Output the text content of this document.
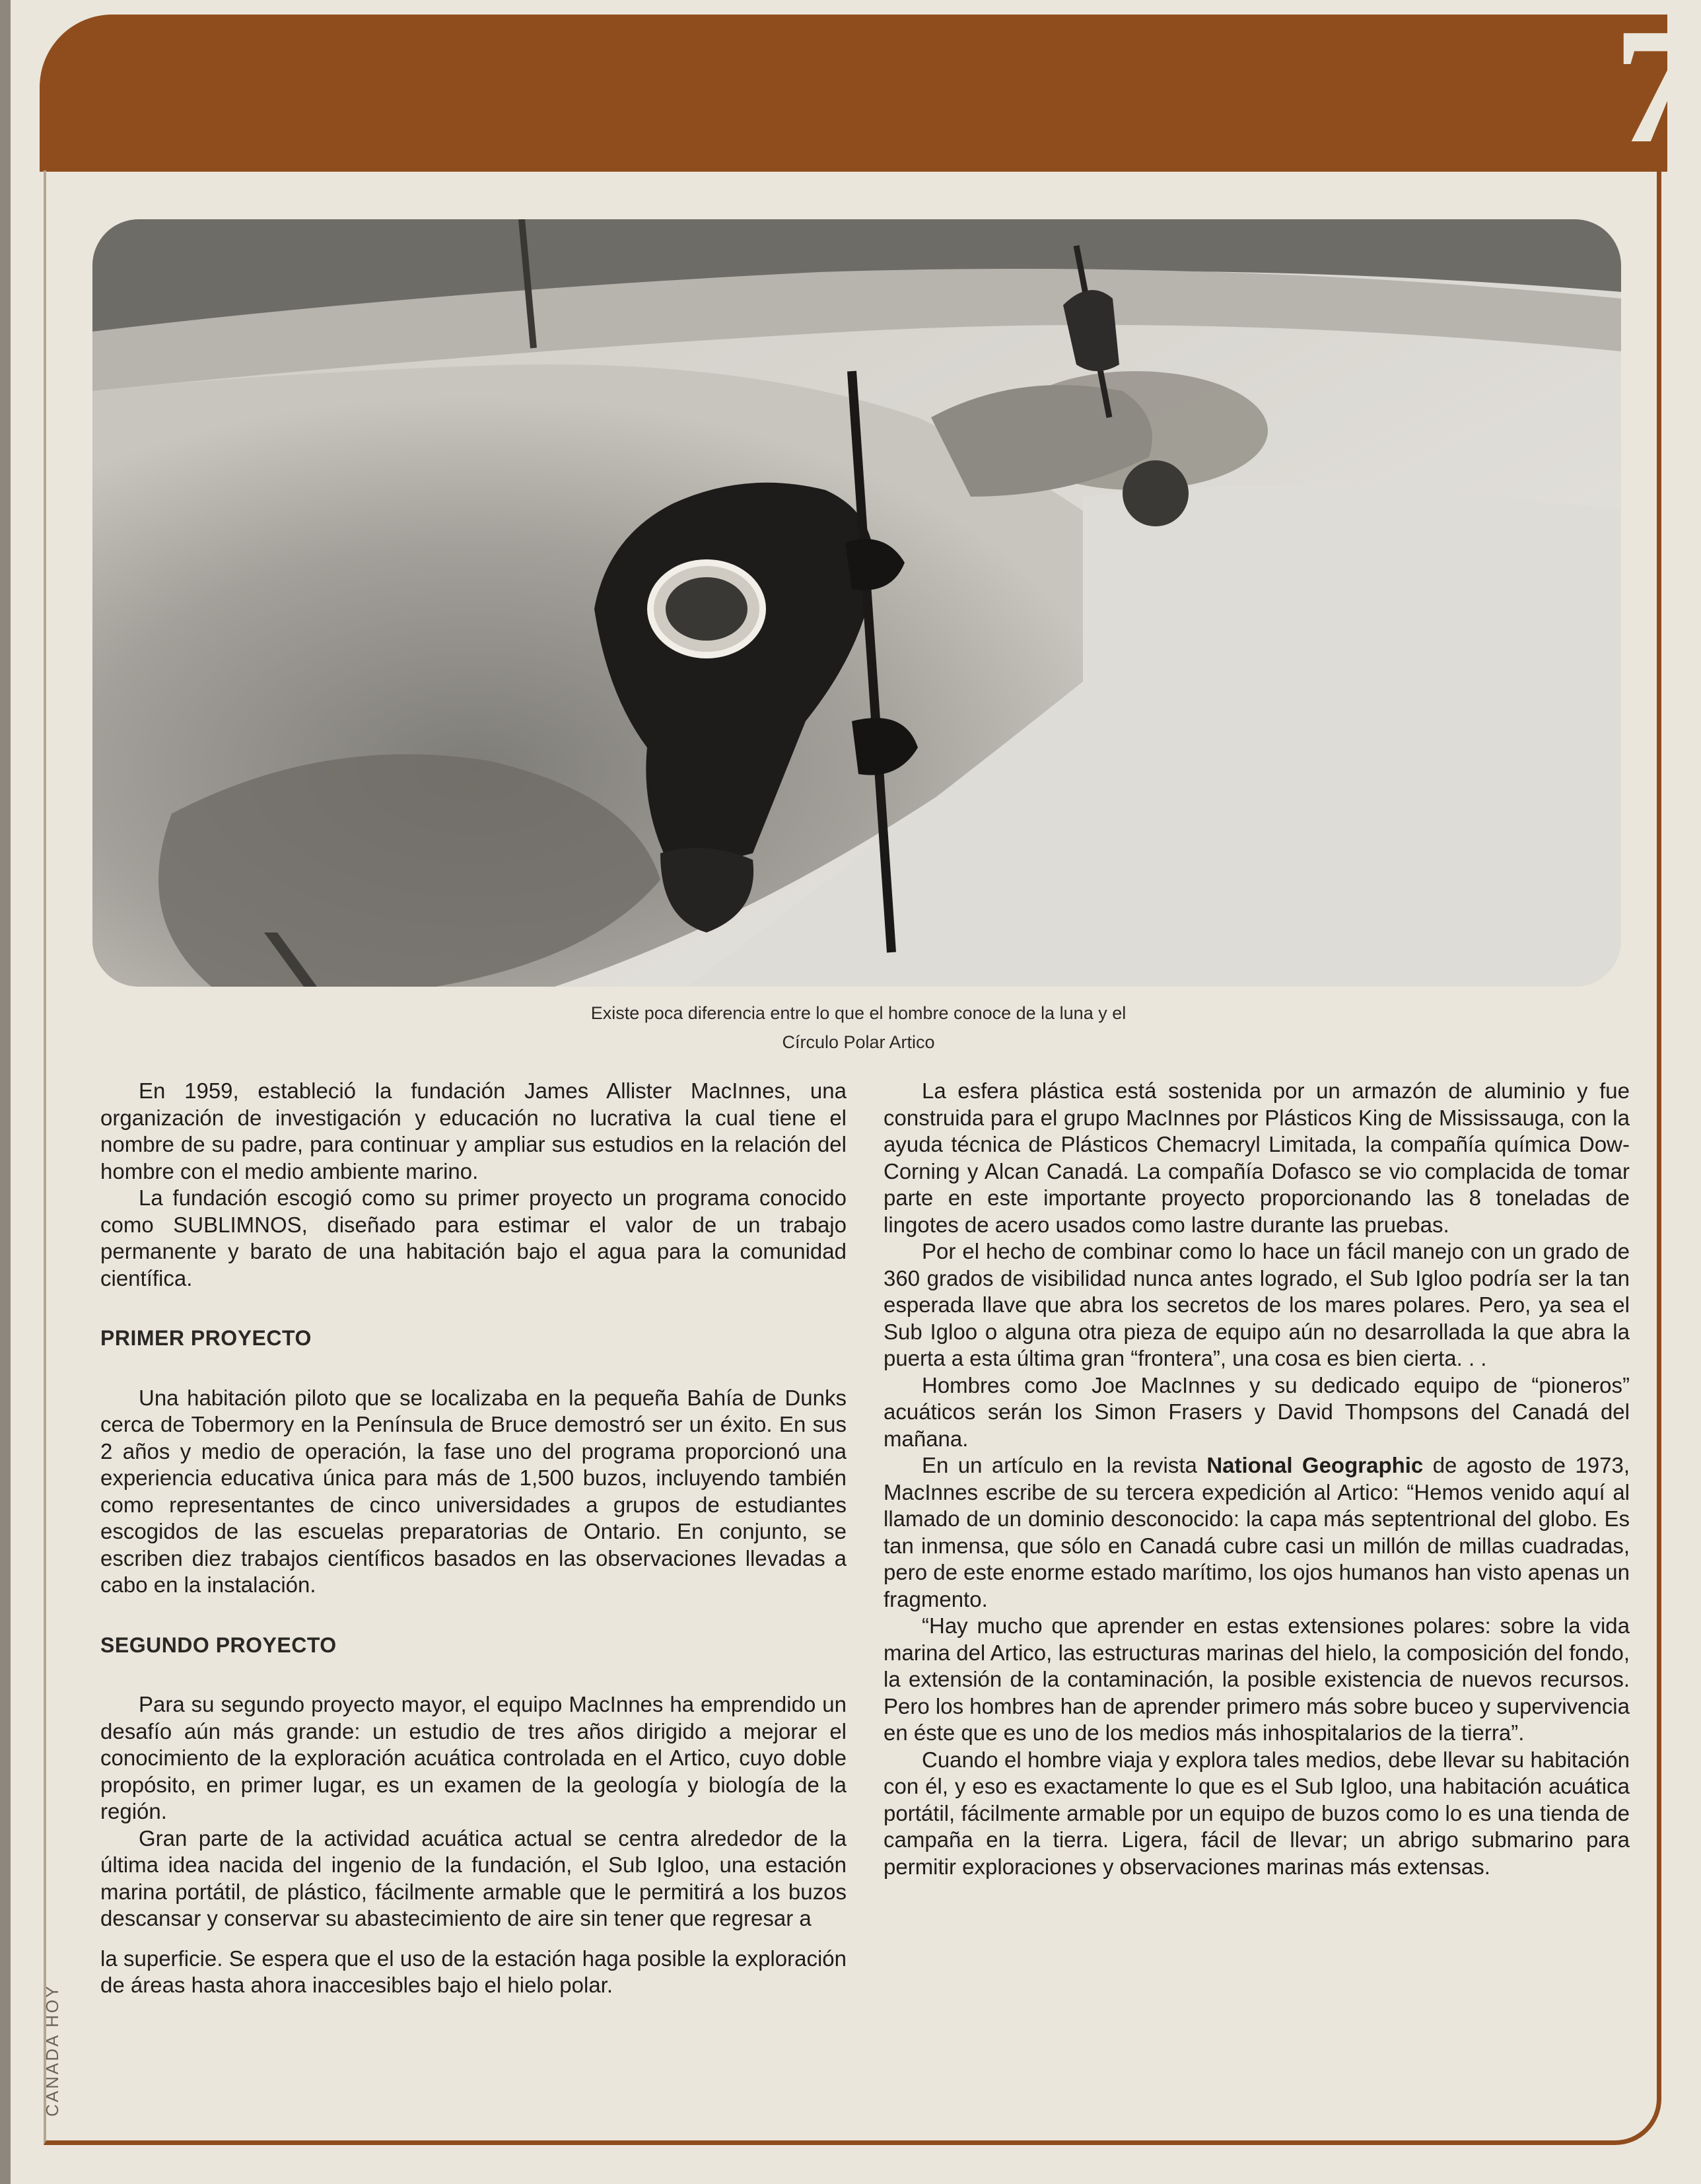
7
Existe poca diferencia entre lo que el hombre conoce de la luna y el
Círculo Polar Artico

En 1959, estableció la fundación James Allister MacInnes, una organización de investigación y educación no lucrativa la cual tiene el nombre de su padre, para continuar y ampliar sus estudios en la relación del hombre con el medio ambiente marino.

La fundación escogió como su primer proyecto un programa conocido como SUBLIMNOS, diseñado para estimar el valor de un trabajo permanente y barato de una habitación bajo el agua para la comunidad científica.

PRIMER PROYECTO

Una habitación piloto que se localizaba en la pequeña Bahía de Dunks cerca de Tobermory en la Península de Bruce demostró ser un éxito. En sus 2 años y medio de operación, la fase uno del programa proporcionó una experiencia educativa única para más de 1,500 buzos, incluyendo también como representantes de cinco universidades a grupos de estudiantes escogidos de las escuelas preparatorias de Ontario. En conjunto, se escriben diez trabajos científicos basados en las observaciones llevadas a cabo en la instalación.

SEGUNDO PROYECTO

Para su segundo proyecto mayor, el equipo MacInnes ha emprendido un desafío aún más grande: un estudio de tres años dirigido a mejorar el conocimiento de la exploración acuática controlada en el Artico, cuyo doble propósito, en primer lugar, es un examen de la geología y biología de la región.

Gran parte de la actividad acuática actual se centra alrededor de la última idea nacida del ingenio de la fundación, el Sub Igloo, una estación marina portátil, de plástico, fácilmente armable que le permitirá a los buzos descansar y conservar su abastecimiento de aire sin tener que regresar a

la superficie. Se espera que el uso de la estación haga posible la exploración de áreas hasta ahora inaccesibles bajo el hielo polar.

La esfera plástica está sostenida por un armazón de aluminio y fue construida para el grupo MacInnes por Plásticos King de Mississauga, con la ayuda técnica de Plásticos Chemacryl Limitada, la compañía química Dow-Corning y Alcan Canadá. La compañía Dofasco se vio complacida de tomar parte en este importante proyecto proporcionando las 8 toneladas de lingotes de acero usados como lastre durante las pruebas.

Por el hecho de combinar como lo hace un fácil manejo con un grado de 360 grados de visibilidad nunca antes logrado, el Sub Igloo podría ser la tan esperada llave que abra los secretos de los mares polares. Pero, ya sea el Sub Igloo o alguna otra pieza de equipo aún no desarrollada la que abra la puerta a esta última gran “frontera”, una cosa es bien cierta. . .

Hombres como Joe MacInnes y su dedicado equipo de “pioneros” acuáticos serán los Simon Frasers y David Thompsons del Canadá del mañana.

En un artículo en la revista National Geographic de agosto de 1973, MacInnes escribe de su tercera expedición al Artico: “Hemos venido aquí al llamado de un dominio desconocido: la capa más septentrional del globo. Es tan inmensa, que sólo en Canadá cubre casi un millón de millas cuadradas, pero de este enorme estado marítimo, los ojos humanos han visto apenas un fragmento.

“Hay mucho que aprender en estas extensiones polares: sobre la vida marina del Artico, las estructuras marinas del hielo, la composición del fondo, la extensión de la contaminación, la posible existencia de nuevos recursos. Pero los hombres han de aprender primero más sobre buceo y supervivencia en éste que es uno de los medios más inhospitalarios de la tierra”.

Cuando el hombre viaja y explora tales medios, debe llevar su habitación con él, y eso es exactamente lo que es el Sub Igloo, una habitación acuática portátil, fácilmente armable por un equipo de buzos como lo es una tienda de campaña en la tierra. Ligera, fácil de llevar; un abrigo submarino para permitir exploraciones y observaciones marinas más extensas.

CANADA HOY
